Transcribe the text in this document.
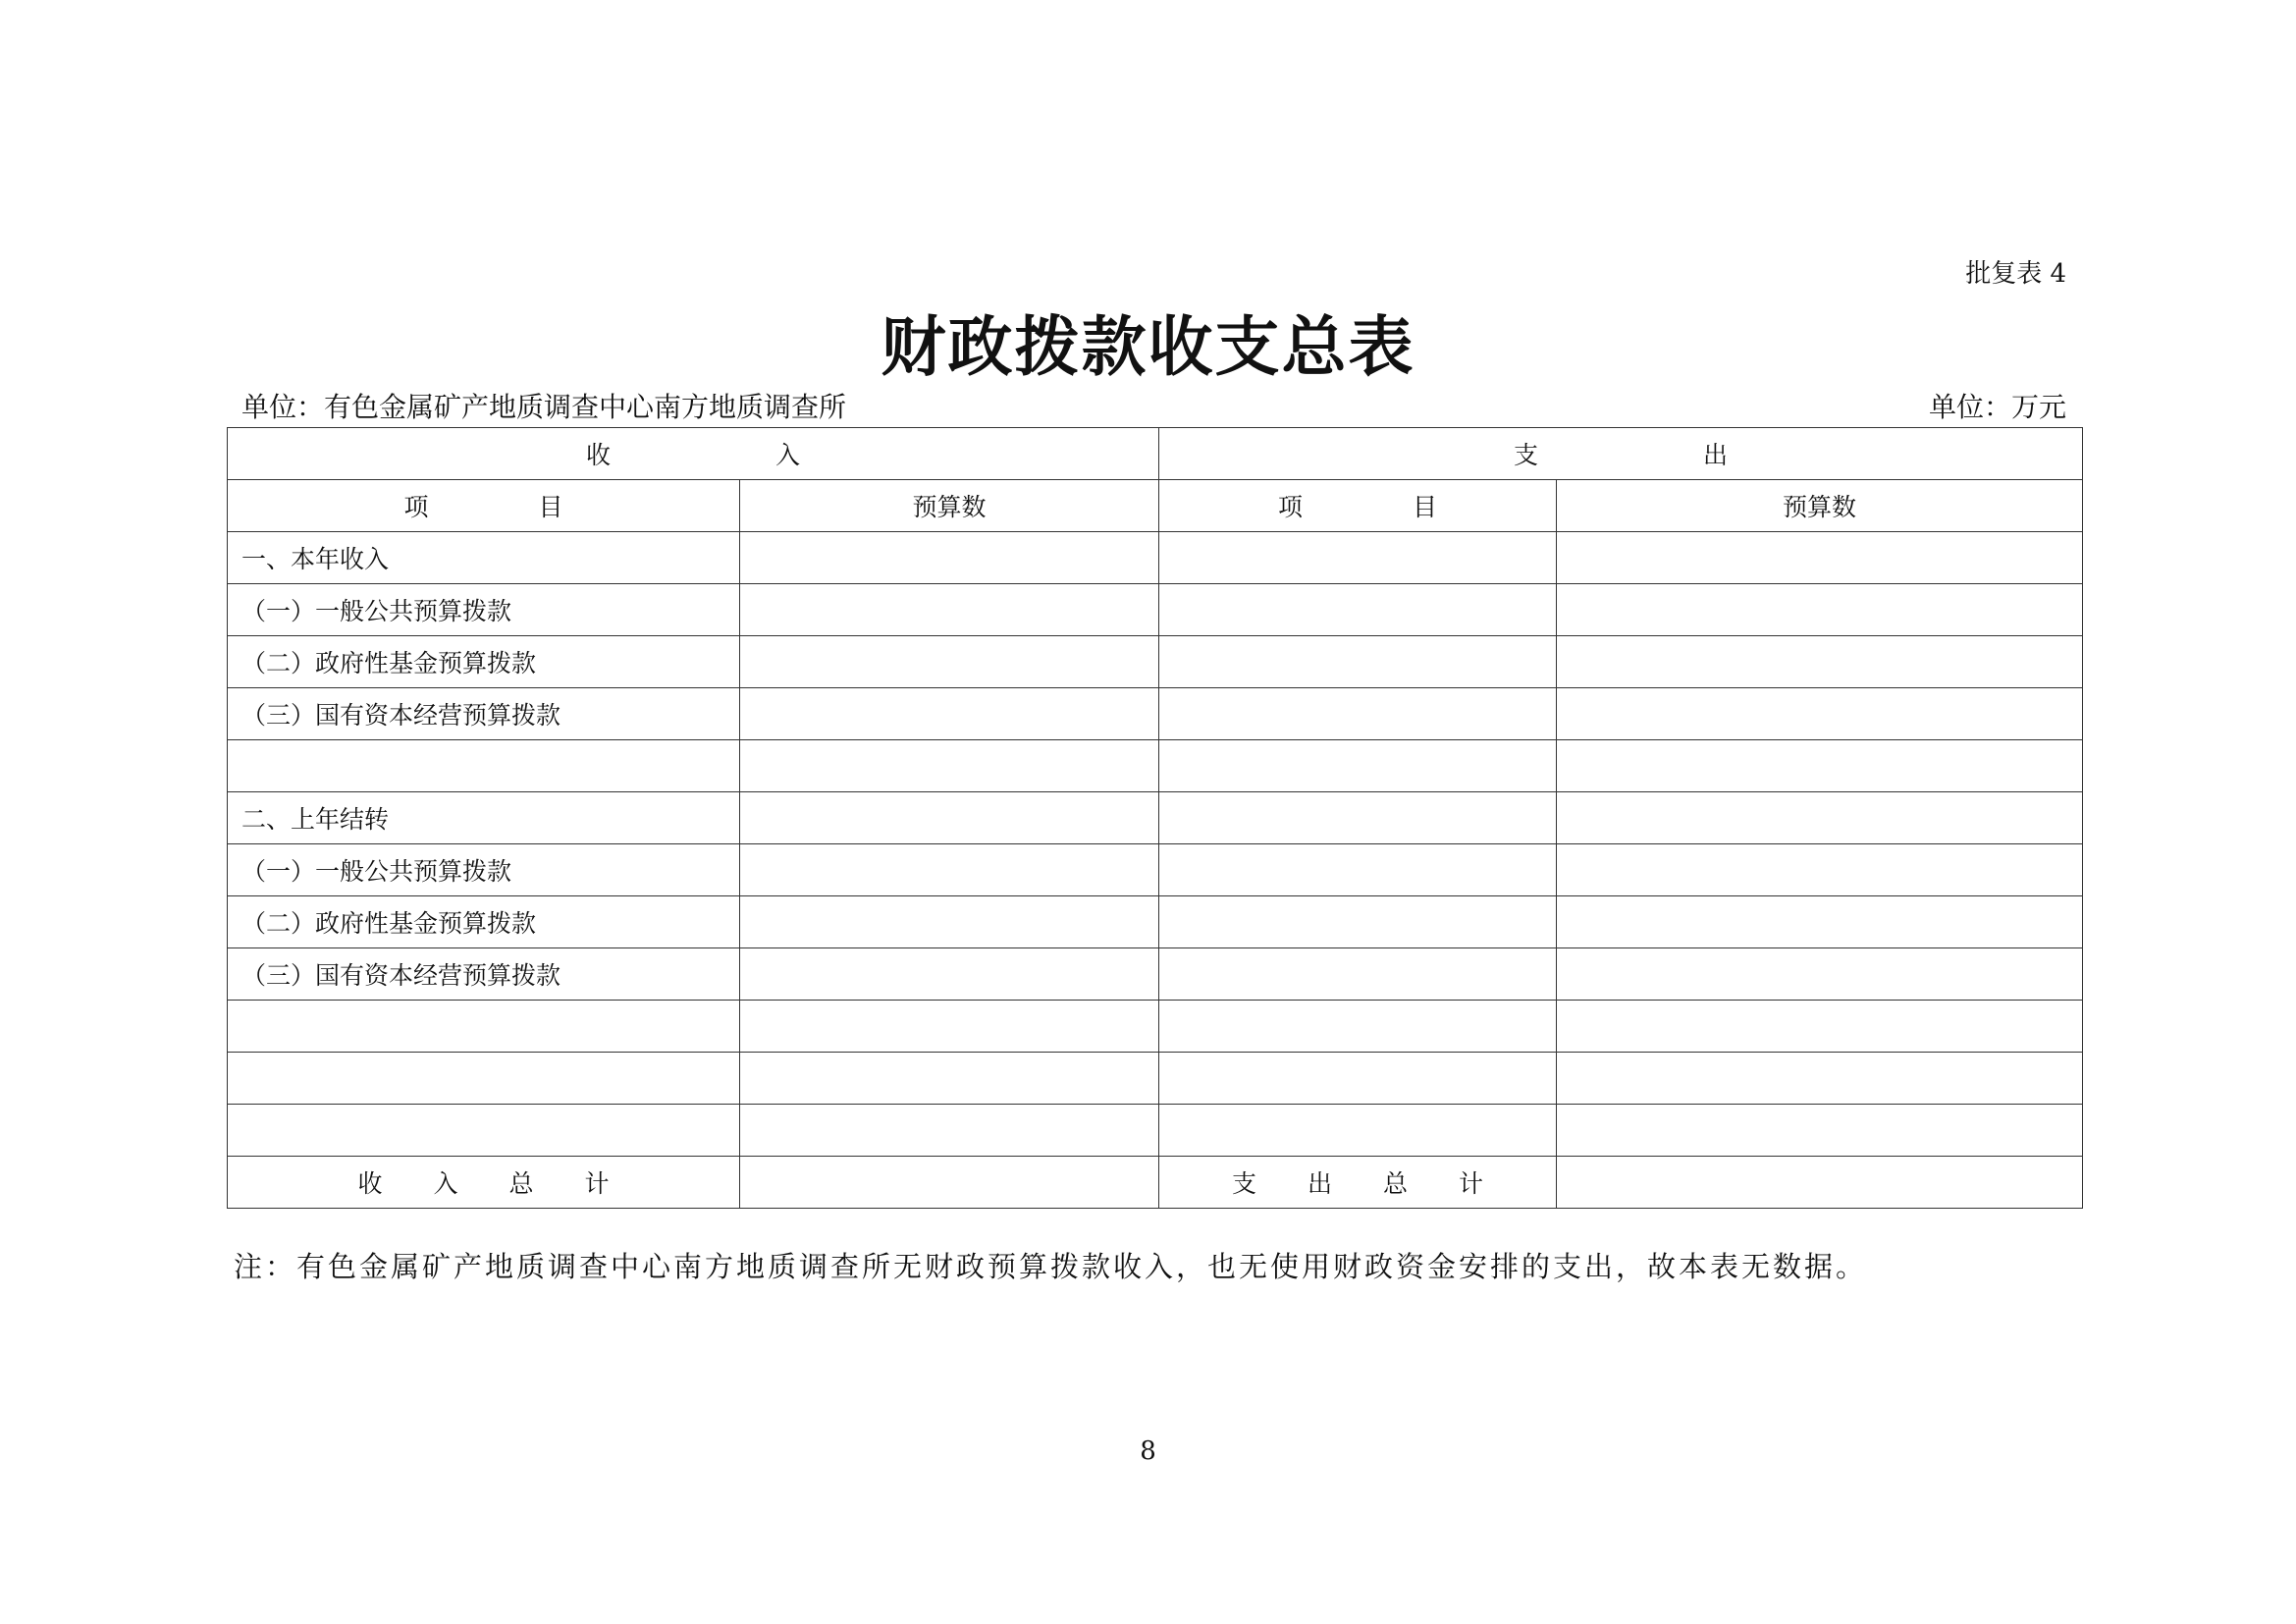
批复表 4
财政拨款收支总表
单位：有色金属矿产地质调查中心南方地质调查所	单位：万元
收 入		支 出	
项 目	预算数	项 目	预算数
一、本年收入			
（一）一般公共预算拨款			
（二）政府性基金预算拨款			
（三）国有资本经营预算拨款			

二、上年结转			
（一）一般公共预算拨款			
（二）政府性基金预算拨款			
（三）国有资本经营预算拨款			

收入总计		支出总计	
注：有色金属矿产地质调查中心南方地质调查所无财政预算拨款收入，也无使用财政资金安排的支出，故本表无数据。
8
